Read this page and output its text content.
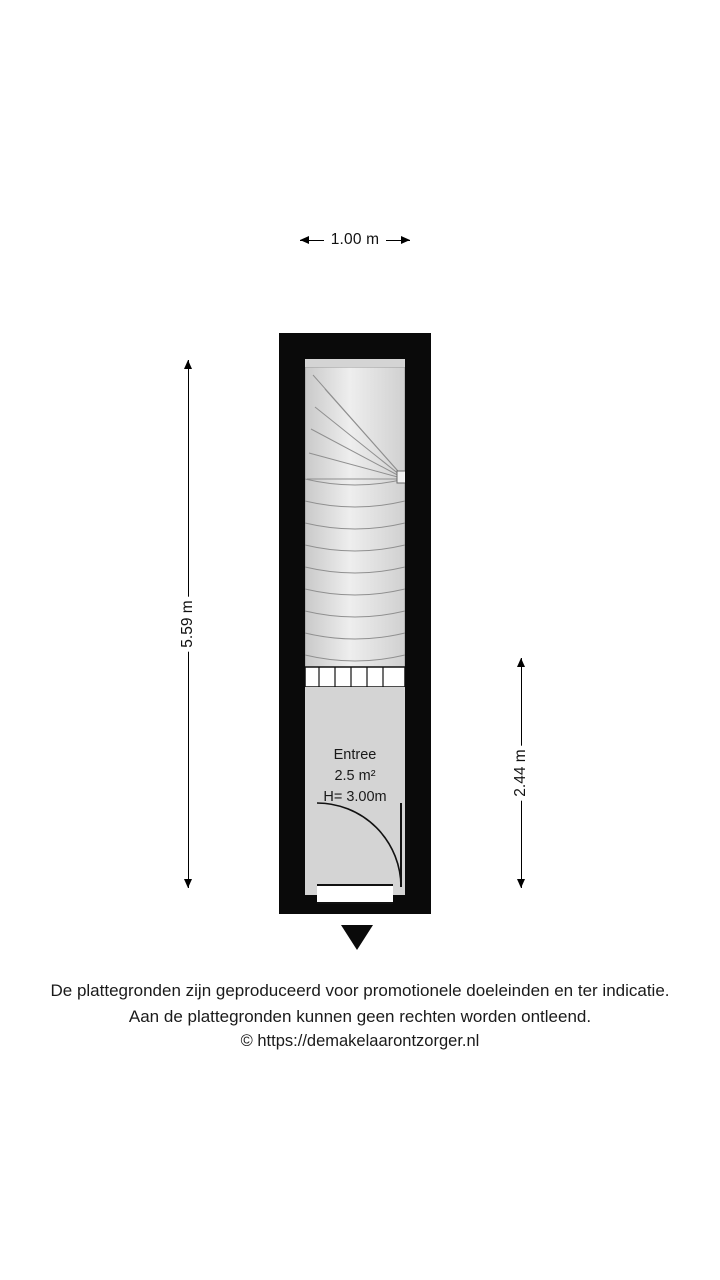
1.00 m
5.59 m
2.44 m
Entree
2.5 m²
H= 3.00m
De plattegronden zijn geproduceerd voor promotionele doeleinden en ter indicatie.
Aan de plattegronden kunnen geen rechten worden ontleend.
© https://demakelaarontzorger.nl
